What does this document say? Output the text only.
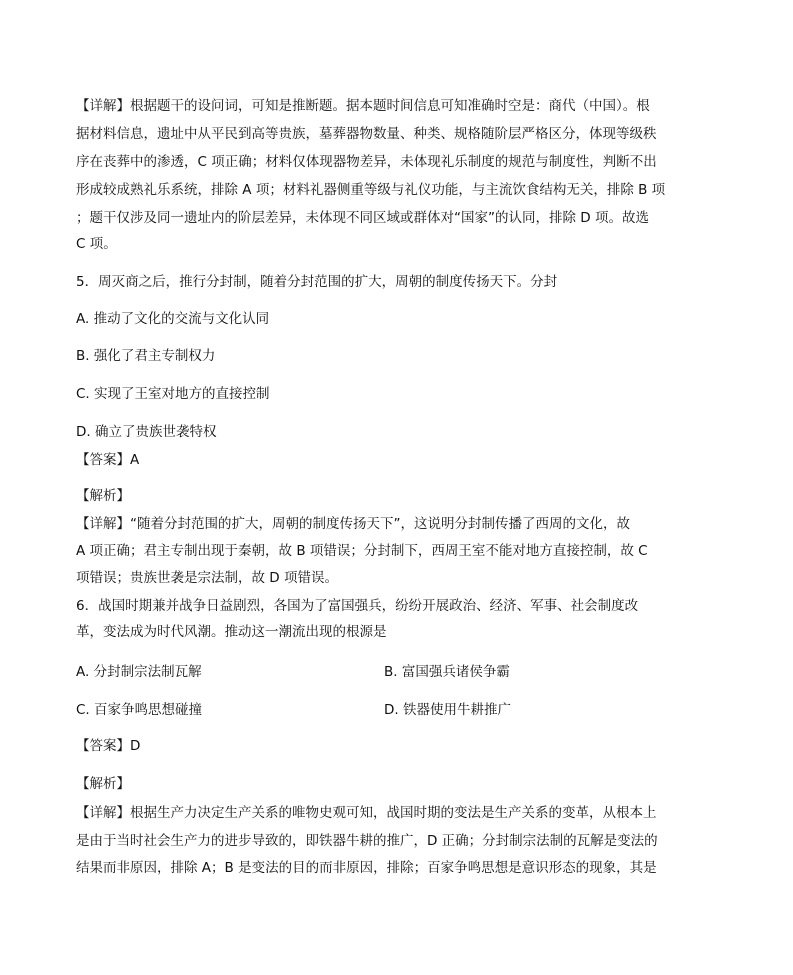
【详解】根据题干的设问词，可知是推断题。据本题时间信息可知准确时空是：商代（中国）。根
据材料信息，遗址中从平民到高等贵族，墓葬器物数量、种类、规格随阶层严格区分，体现等级秩
序在丧葬中的渗透，C 项正确；材料仅体现器物差异，未体现礼乐制度的规范与制度性，判断不出
形成较成熟礼乐系统，排除 A 项；材料礼器侧重等级与礼仪功能，与主流饮食结构无关，排除 B 项
；题干仅涉及同一遗址内的阶层差异，未体现不同区域或群体对“国家”的认同，排除 D 项。故选
C 项。
5．周灭商之后，推行分封制，随着分封范围的扩大，周朝的制度传扬天下。分封
A. 推动了文化的交流与文化认同
B. 强化了君主专制权力
C. 实现了王室对地方的直接控制
D. 确立了贵族世袭特权
【答案】A
【解析】
【详解】“随着分封范围的扩大，周朝的制度传扬天下”，这说明分封制传播了西周的文化，故
A 项正确；君主专制出现于秦朝，故 B 项错误；分封制下，西周王室不能对地方直接控制，故 C
项错误；贵族世袭是宗法制，故 D 项错误。
6．战国时期兼并战争日益剧烈，各国为了富国强兵，纷纷开展政治、经济、军事、社会制度改
革，变法成为时代风潮。推动这一潮流出现的根源是
A. 分封制宗法制瓦解	B. 富国强兵诸侯争霸
C. 百家争鸣思想碰撞	D. 铁器使用牛耕推广
【答案】D
【解析】
【详解】根据生产力决定生产关系的唯物史观可知，战国时期的变法是生产关系的变革，从根本上
是由于当时社会生产力的进步导致的，即铁器牛耕的推广，D 正确；分封制宗法制的瓦解是变法的
结果而非原因，排除 A；B 是变法的目的而非原因，排除；百家争鸣思想是意识形态的现象，其是
